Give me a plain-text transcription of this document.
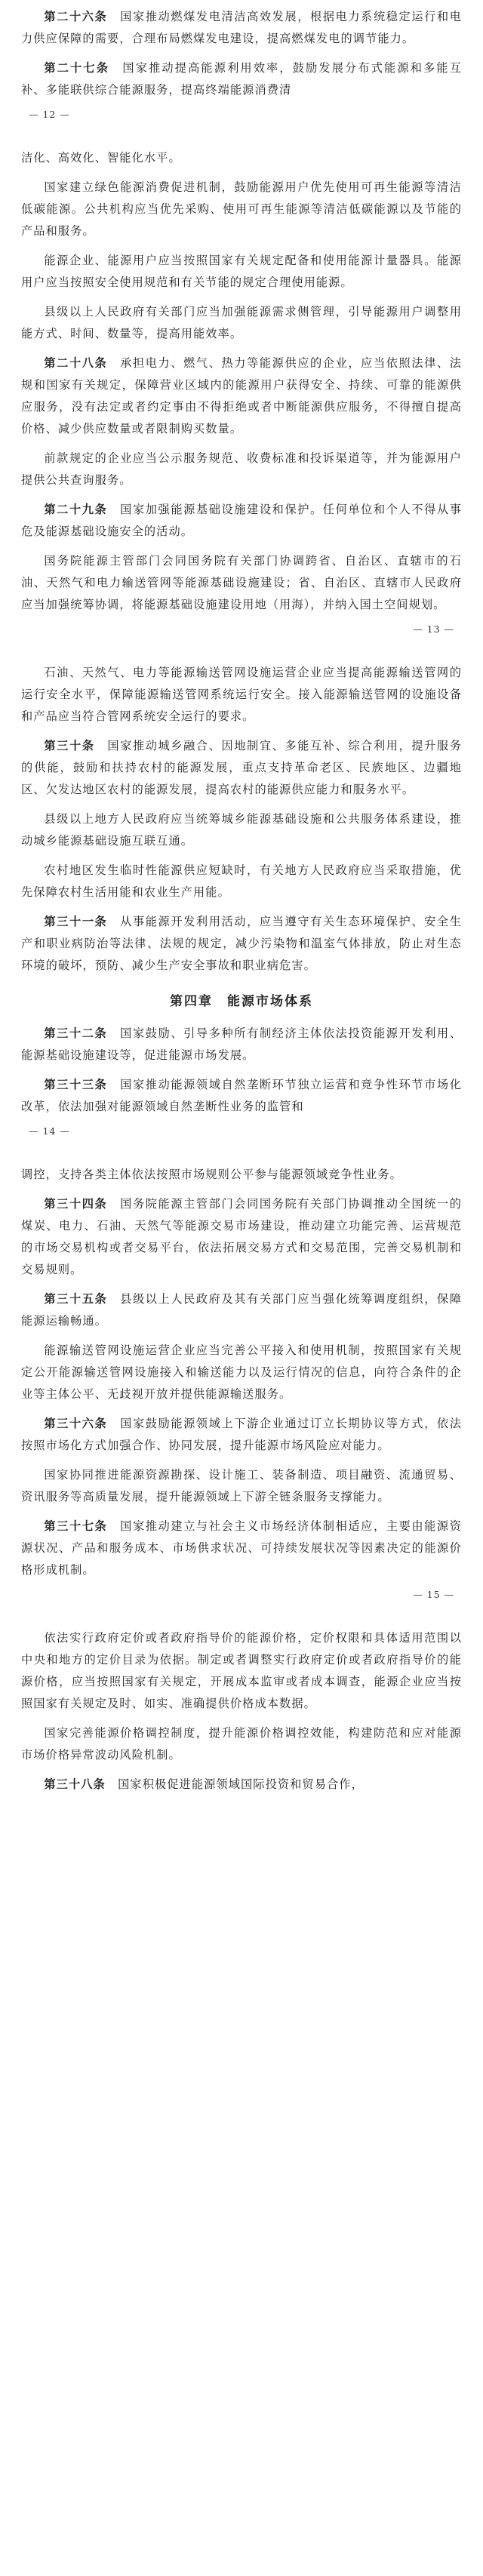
第二十六条　 国家推动燃煤发电清洁高效发展，根据电力系统稳定运行和电力供应保障的需要，合理布局燃煤发电建设，提高燃煤发电的调节能力。

第二十七条　 国家推动提高能源利用效率，鼓励发展分布式能源和多能互补、多能联供综合能源服务，提高终端能源消费清

— 12 —

洁化、高效化、智能化水平。

国家建立绿色能源消费促进机制，鼓励能源用户优先使用可再生能源等清洁低碳能源。公共机构应当优先采购、使用可再生能源等清洁低碳能源以及节能的产品和服务。

能源企业、能源用户应当按照国家有关规定配备和使用能源计量器具。能源用户应当按照安全使用规范和有关节能的规定合理使用能源。

县级以上人民政府有关部门应当加强能源需求侧管理，引导能源用户调整用能方式、时间、数量等，提高用能效率。

第二十八条　 承担电力、燃气、热力等能源供应的企业，应当依照法律、法规和国家有关规定，保障营业区域内的能源用户获得安全、持续、可靠的能源供应服务，没有法定或者约定事由不得拒绝或者中断能源供应服务，不得擅自提高价格、减少供应数量或者限制购买数量。

前款规定的企业应当公示服务规范、收费标准和投诉渠道等，并为能源用户提供公共查询服务。

第二十九条　 国家加强能源基础设施建设和保护。任何单位和个人不得从事危及能源基础设施安全的活动。

国务院能源主管部门会同国务院有关部门协调跨省、自治区、直辖市的石油、天然气和电力输送管网等能源基础设施建设；省、自治区、直辖市人民政府应当加强统筹协调，将能源基础设施建设用地（用海），并纳入国土空间规划。

— 13 —

石油、天然气、电力等能源输送管网设施运营企业应当提高能源输送管网的运行安全水平，保障能源输送管网系统运行安全。接入能源输送管网的设施设备和产品应当符合管网系统安全运行的要求。

第三十条　 国家推动城乡融合、因地制宜、多能互补、综合利用，提升服务的供能，鼓励和扶持农村的能源发展，重点支持革命老区、民族地区、边疆地区、欠发达地区农村的能源发展，提高农村的能源供应能力和服务水平。

县级以上地方人民政府应当统筹城乡能源基础设施和公共服务体系建设，推动城乡能源基础设施互联互通。

农村地区发生临时性能源供应短缺时，有关地方人民政府应当采取措施，优先保障农村生活用能和农业生产用能。

第三十一条　 从事能源开发利用活动，应当遵守有关生态环境保护、安全生产和职业病防治等法律、法规的规定，减少污染物和温室气体排放，防止对生态环境的破坏，预防、减少生产安全事故和职业病危害。

第四章　能源市场体系

第三十二条　 国家鼓励、引导多种所有制经济主体依法投资能源开发利用、能源基础设施建设等，促进能源市场发展。

第三十三条　 国家推动能源领域自然垄断环节独立运营和竞争性环节市场化改革，依法加强对能源领域自然垄断性业务的监管和

— 14 —

调控，支持各类主体依法按照市场规则公平参与能源领域竞争性业务。

第三十四条　 国务院能源主管部门会同国务院有关部门协调推动全国统一的煤炭、电力、石油、天然气等能源交易市场建设，推动建立功能完善、运营规范的市场交易机构或者交易平台，依法拓展交易方式和交易范围，完善交易机制和交易规则。

第三十五条　 县级以上人民政府及其有关部门应当强化统筹调度组织，保障能源运输畅通。

能源输送管网设施运营企业应当完善公平接入和使用机制，按照国家有关规定公开能源输送管网设施接入和输送能力以及运行情况的信息，向符合条件的企业等主体公平、无歧视开放并提供能源输送服务。

第三十六条　 国家鼓励能源领域上下游企业通过订立长期协议等方式，依法按照市场化方式加强合作、协同发展，提升能源市场风险应对能力。

国家协同推进能源资源勘探、设计施工、装备制造、项目融资、流通贸易、资讯服务等高质量发展，提升能源领域上下游全链条服务支撑能力。

第三十七条　 国家推动建立与社会主义市场经济体制相适应，主要由能源资源状况、产品和服务成本、市场供求状况、可持续发展状况等因素决定的能源价格形成机制。

— 15 —

依法实行政府定价或者政府指导价的能源价格，定价权限和具体适用范围以中央和地方的定价目录为依据。制定或者调整实行政府定价或者政府指导价的能源价格，应当按照国家有关规定，开展成本监审或者成本调查，能源企业应当按照国家有关规定及时、如实、准确提供价格成本数据。

国家完善能源价格调控制度，提升能源价格调控效能，构建防范和应对能源市场价格异常波动风险机制。

第三十八条　 国家积极促进能源领域国际投资和贸易合作，
